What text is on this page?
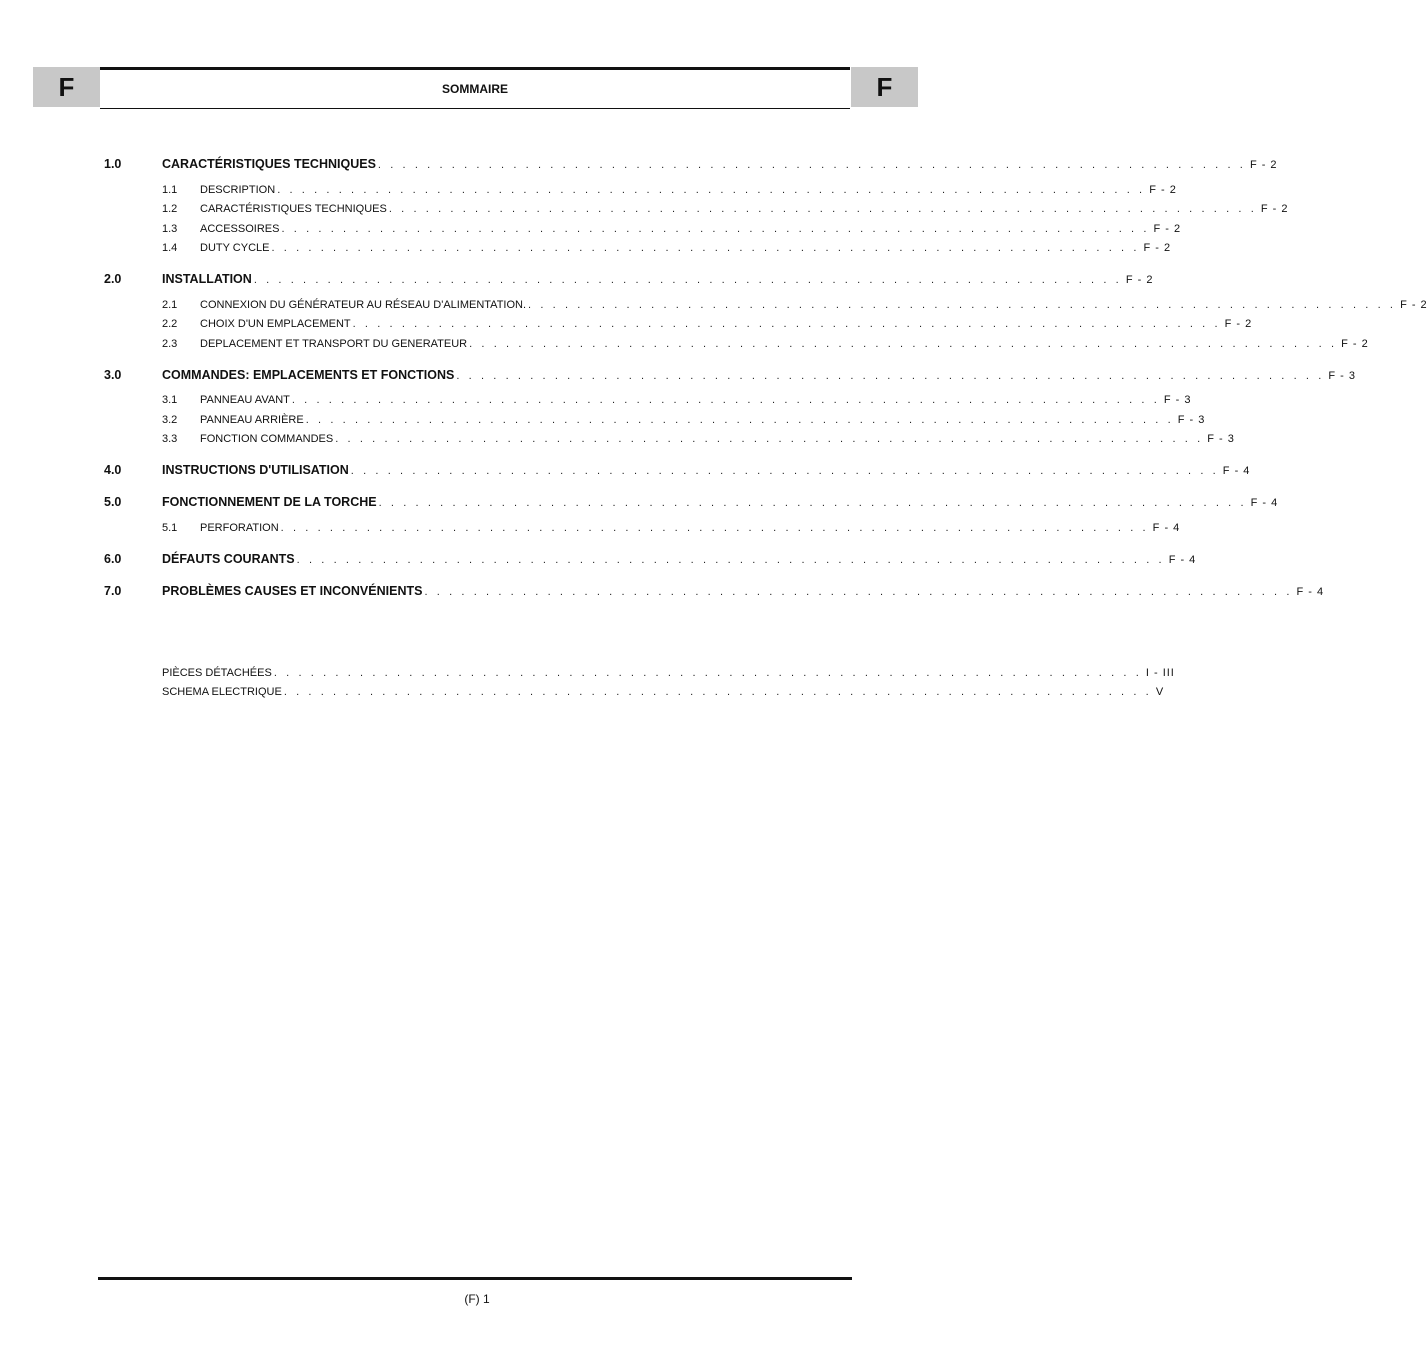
F	SOMMAIRE	F
1.0	CARACTÉRISTIQUES TECHNIQUES . . . . . . . . . . . . . . . . . . . . . . . . . . . . . . . . . . . . . . . . . . . . . . . . . . . . . . . . . . . . . . . . . . . . . . . F - 2
1.1	DESCRIPTION . . . . . . . . . . . . . . . . . . . . . . . . . . . . . . . . . . . . . . . . . . . . . . . . . . . . . . . . . . . . . . . . . . . . . . . F - 2
1.2	CARACTÉRISTIQUES TECHNIQUES . . . . . . . . . . . . . . . . . . . . . . . . . . . . . . . . . . . . . . . . . . . . . . . . . . . . . . . . . . . . . . . . . . . . . . . F - 2
1.3	ACCESSOIRES . . . . . . . . . . . . . . . . . . . . . . . . . . . . . . . . . . . . . . . . . . . . . . . . . . . . . . . . . . . . . . . . . . . . . . . F - 2
1.4	DUTY CYCLE . . . . . . . . . . . . . . . . . . . . . . . . . . . . . . . . . . . . . . . . . . . . . . . . . . . . . . . . . . . . . . . . . . . . . . . F - 2
2.0	INSTALLATION . . . . . . . . . . . . . . . . . . . . . . . . . . . . . . . . . . . . . . . . . . . . . . . . . . . . . . . . . . . . . . . . . . . . . . . F - 2
2.1	CONNEXION DU GÉNÉRATEUR AU RÉSEAU D'ALIMENTATION. . . . . . . . . . . . . . . . . . . . . . . . . . . . . . . . . . . . . . . . . . . . . . . . . . . . . . . . . . . . . . . . . . . . . . . . F - 2
2.2	CHOIX D'UN EMPLACEMENT . . . . . . . . . . . . . . . . . . . . . . . . . . . . . . . . . . . . . . . . . . . . . . . . . . . . . . . . . . . . . . . . . . . . . . . F - 2
2.3	DEPLACEMENT ET TRANSPORT DU GENERATEUR . . . . . . . . . . . . . . . . . . . . . . . . . . . . . . . . . . . . . . . . . . . . . . . . . . . . . . . . . . . . . . . . . . . . . . . F - 2
3.0	COMMANDES: EMPLACEMENTS ET FONCTIONS . . . . . . . . . . . . . . . . . . . . . . . . . . . . . . . . . . . . . . . . . . . . . . . . . . . . . . . . . . . . . . . . . . . . . . . F - 3
3.1	PANNEAU AVANT . . . . . . . . . . . . . . . . . . . . . . . . . . . . . . . . . . . . . . . . . . . . . . . . . . . . . . . . . . . . . . . . . . . . . . . F - 3
3.2	PANNEAU ARRIÈRE . . . . . . . . . . . . . . . . . . . . . . . . . . . . . . . . . . . . . . . . . . . . . . . . . . . . . . . . . . . . . . . . . . . . . . . F - 3
3.3	FONCTION COMMANDES . . . . . . . . . . . . . . . . . . . . . . . . . . . . . . . . . . . . . . . . . . . . . . . . . . . . . . . . . . . . . . . . . . . . . . . F - 3
4.0	INSTRUCTIONS D'UTILISATION . . . . . . . . . . . . . . . . . . . . . . . . . . . . . . . . . . . . . . . . . . . . . . . . . . . . . . . . . . . . . . . . . . . . . . . F - 4
5.0	FONCTIONNEMENT DE LA TORCHE . . . . . . . . . . . . . . . . . . . . . . . . . . . . . . . . . . . . . . . . . . . . . . . . . . . . . . . . . . . . . . . . . . . . . . . F - 4
5.1	PERFORATION . . . . . . . . . . . . . . . . . . . . . . . . . . . . . . . . . . . . . . . . . . . . . . . . . . . . . . . . . . . . . . . . . . . . . . . F - 4
6.0	DÉFAUTS COURANTS . . . . . . . . . . . . . . . . . . . . . . . . . . . . . . . . . . . . . . . . . . . . . . . . . . . . . . . . . . . . . . . . . . . . . . . F - 4
7.0	PROBLÈMES CAUSES ET INCONVÉNIENTS . . . . . . . . . . . . . . . . . . . . . . . . . . . . . . . . . . . . . . . . . . . . . . . . . . . . . . . . . . . . . . . . . . . . . . . F - 4
PIÈCES DÉTACHÉES . . . . . . . . . . . . . . . . . . . . . . . . . . . . . . . . . . . . . . . . . . . . . . . . . . . . . . . . . . . . . . . . . . . . . . . I - III
SCHEMA ELECTRIQUE . . . . . . . . . . . . . . . . . . . . . . . . . . . . . . . . . . . . . . . . . . . . . . . . . . . . . . . . . . . . . . . . . . . . . . . V
(F) 1
